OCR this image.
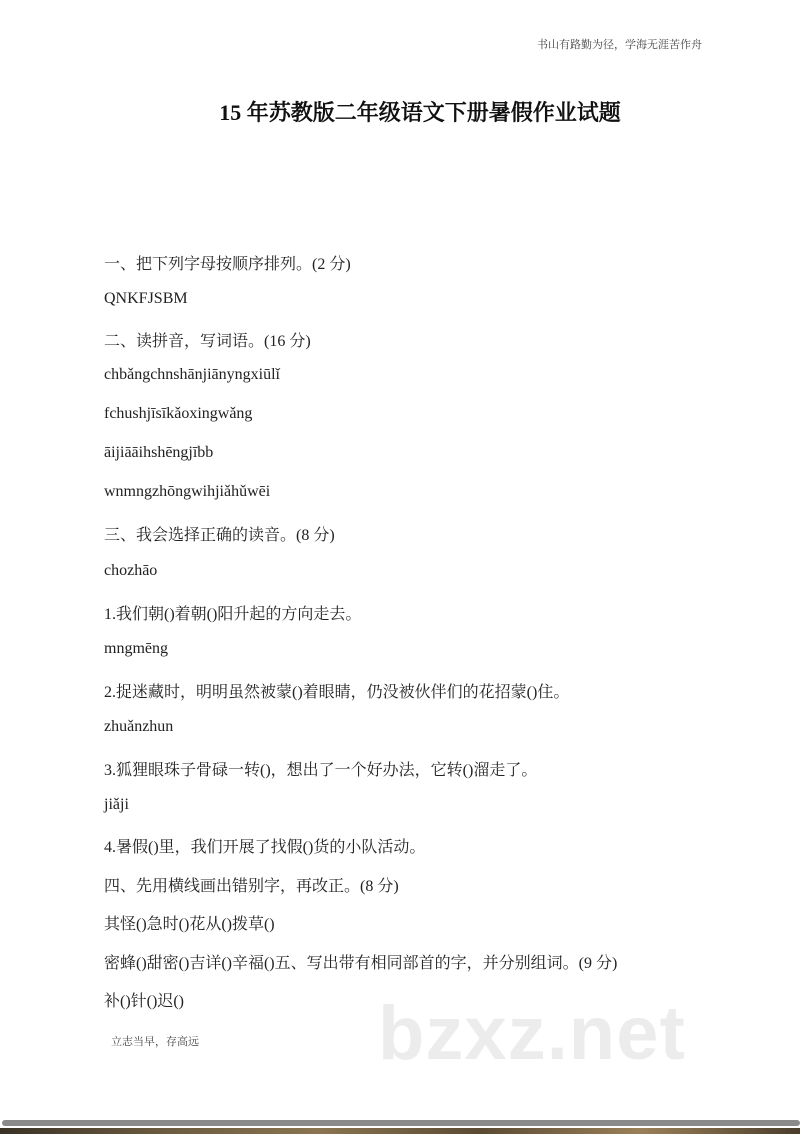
书山有路勤为径，学海无涯苦作舟
15 年苏教版二年级语文下册暑假作业试题
一、把下列字母按顺序排列。(2 分)
QNKFJSBM
二、读拼音，写词语。(16 分)
chbǎngchnshānjiānyngxiūlǐ
fchushjīsīkǎoxingwǎng
āijiāāihshēngjībb
wnmngzhōngwihjiǎhǔwēi
三、我会选择正确的读音。(8 分)
chozhāo
1.我们朝()着朝()阳升起的方向走去。
mngmēng
2.捉迷藏时，明明虽然被蒙()着眼睛，仍没被伙伴们的花招蒙()住。
zhuǎnzhun
3.狐狸眼珠子骨碌一转()，想出了一个好办法，它转()溜走了。
jiǎji
4.暑假()里，我们开展了找假()货的小队活动。
四、先用横线画出错别字，再改正。(8 分)
其怪()急时()花从()拨草()
密蜂()甜密()吉详()辛福()五、写出带有相同部首的字，并分别组词。(9 分)
补()针()迟()
立志当早，存高远 bzxz.net
